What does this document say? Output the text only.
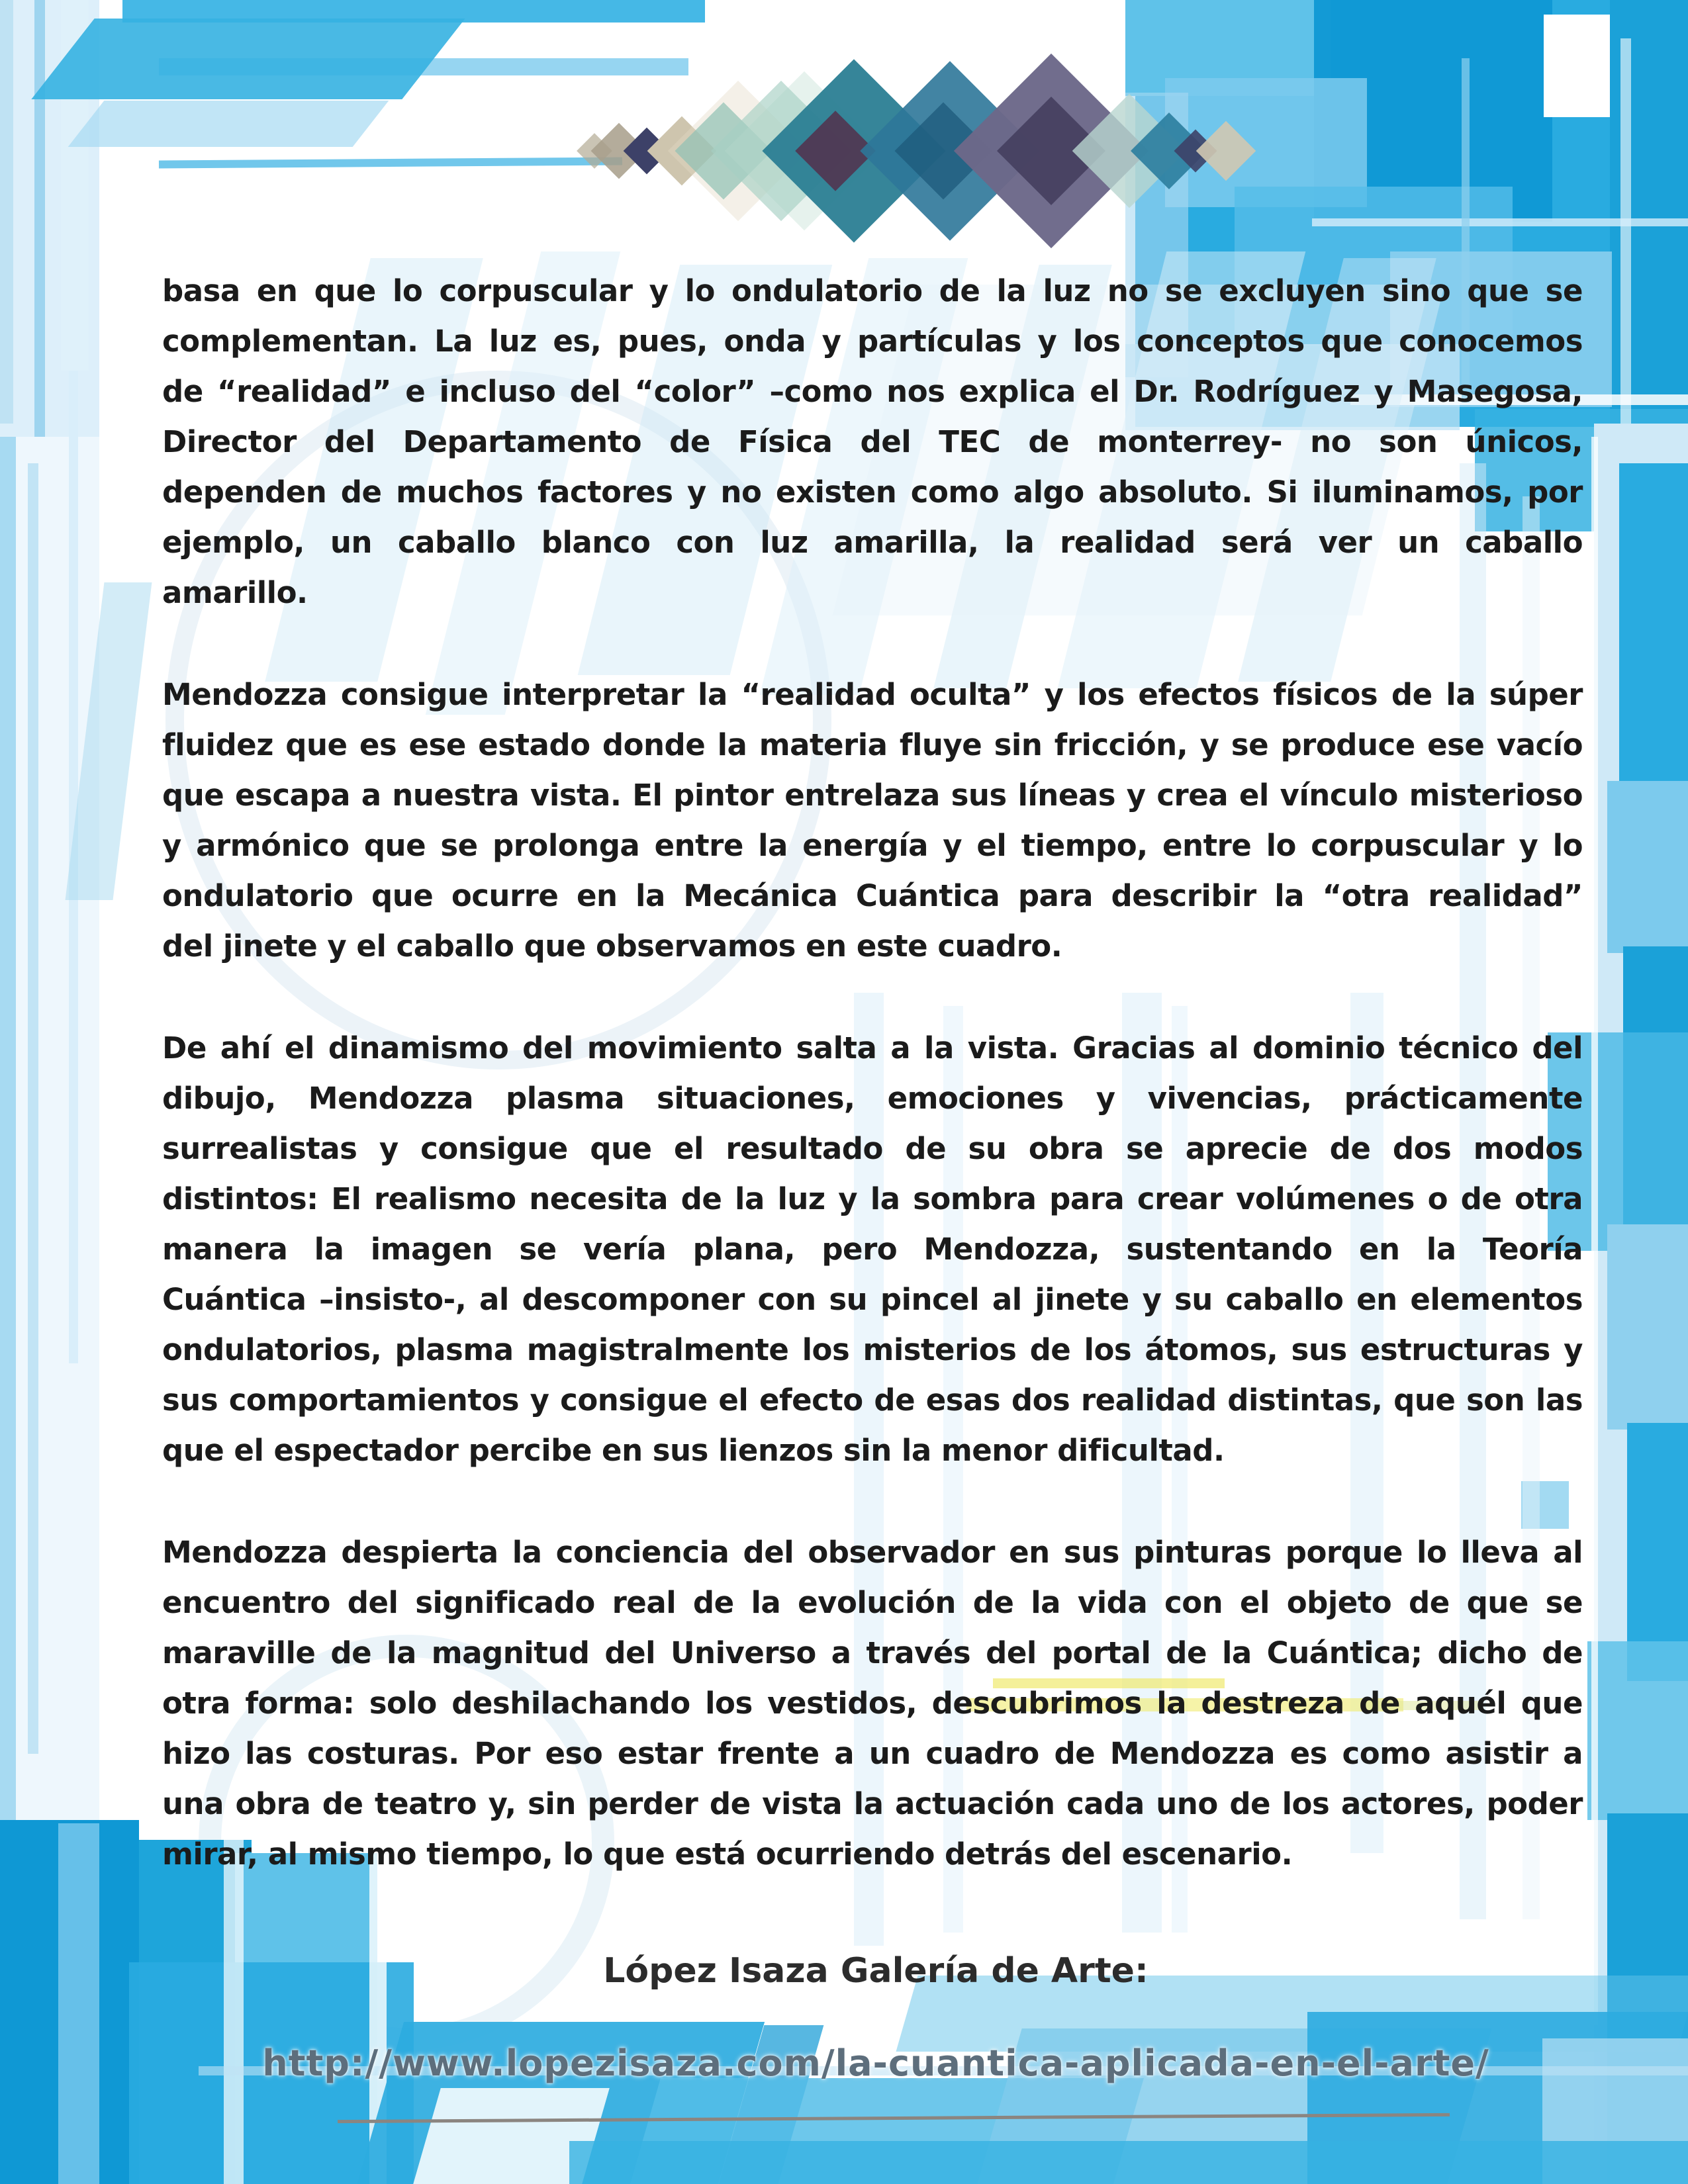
basa en que lo corpuscular y lo ondulatorio de la luz no se excluyen sino que se
complementan. La luz es, pues, onda y partículas y los conceptos que conocemos
de “realidad” e incluso del “color” –como nos explica el Dr. Rodríguez y Masegosa,
Director del Departamento de Física del TEC de monterrey- no son únicos,
dependen de muchos factores y no existen como algo absoluto. Si iluminamos, por
ejemplo, un caballo blanco con luz amarilla, la realidad será ver un caballo
amarillo.
Mendozza consigue interpretar la “realidad oculta” y los efectos físicos de la súper
fluidez que es ese estado donde la materia fluye sin fricción, y se produce ese vacío
que escapa a nuestra vista. El pintor entrelaza sus líneas y crea el vínculo misterioso
y armónico que se prolonga entre la energía y el tiempo, entre lo corpuscular y lo
ondulatorio que ocurre en la Mecánica Cuántica para describir la “otra realidad”
del jinete y el caballo que observamos en este cuadro.
De ahí el dinamismo del movimiento salta a la vista. Gracias al dominio técnico del
dibujo, Mendozza plasma situaciones, emociones y vivencias, prácticamente
surrealistas y consigue que el resultado de su obra se aprecie de dos modos
distintos: El realismo necesita de la luz y la sombra para crear volúmenes o de otra
manera la imagen se vería plana, pero Mendozza, sustentando en la Teoría
Cuántica –insisto-, al descomponer con su pincel al jinete y su caballo en elementos
ondulatorios, plasma magistralmente los misterios de los átomos, sus estructuras y
sus comportamientos y consigue el efecto de esas dos realidad distintas, que son las
que el espectador percibe en sus lienzos sin la menor dificultad.
Mendozza despierta la conciencia del observador en sus pinturas porque lo lleva al
encuentro del significado real de la evolución de la vida con el objeto de que se
maraville de la magnitud del Universo a través del portal de la Cuántica; dicho de
otra forma: solo deshilachando los vestidos, descubrimos la destreza de aquél que
hizo las costuras. Por eso estar frente a un cuadro de Mendozza es como asistir a
una obra de teatro y, sin perder de vista la actuación cada uno de los actores, poder
mirar, al mismo tiempo, lo que está ocurriendo detrás del escenario.
López Isaza Galería de Arte:
http://www.lopezisaza.com/la-cuantica-aplicada-en-el-arte/
